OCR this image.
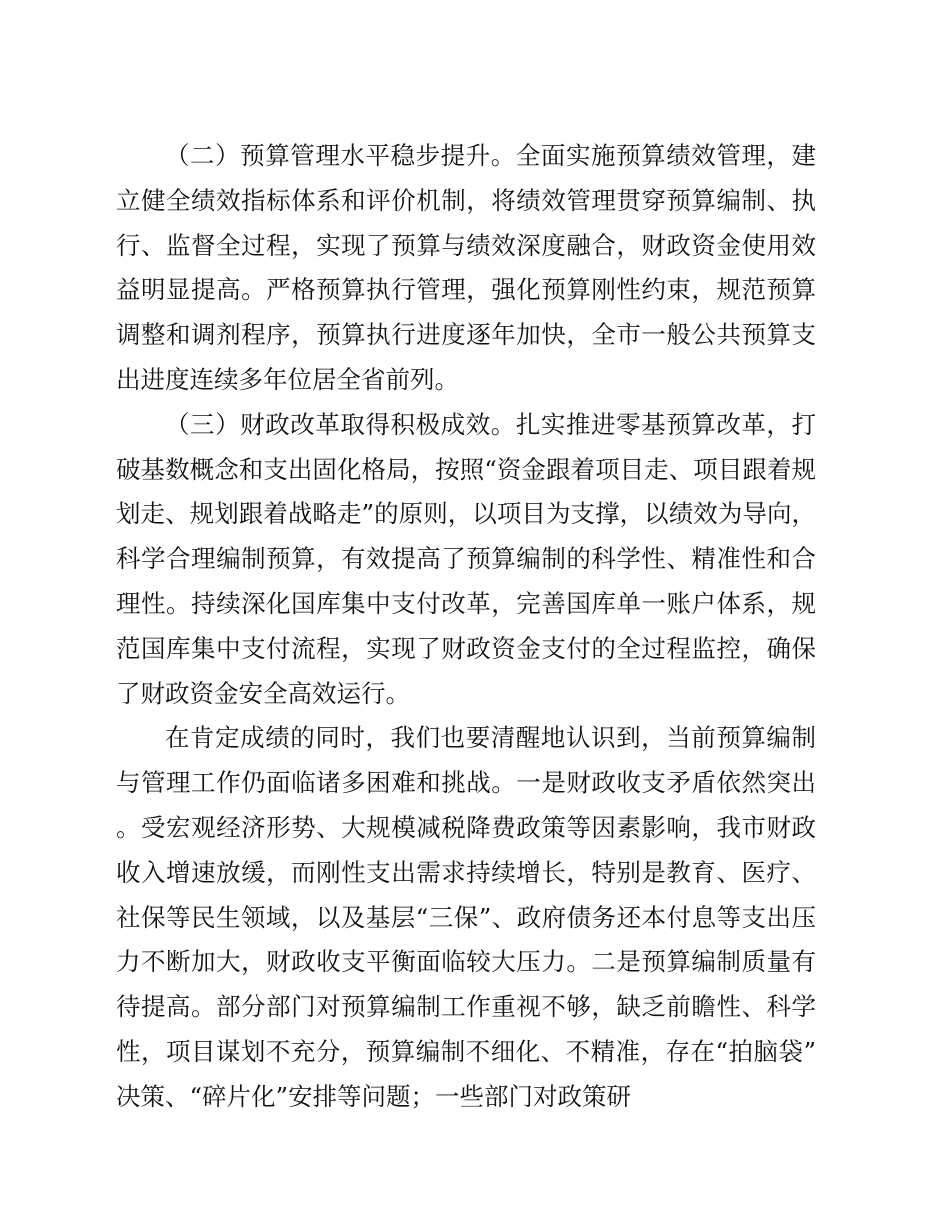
（二）预算管理水平稳步提升。全面实施预算绩效管理，建立健全绩效指标体系和评价机制，将绩效管理贯穿预算编制、执行、监督全过程，实现了预算与绩效深度融合，财政资金使用效益明显提高。严格预算执行管理，强化预算刚性约束，规范预算调整和调剂程序，预算执行进度逐年加快，全市一般公共预算支出进度连续多年位居全省前列。

（三）财政改革取得积极成效。扎实推进零基预算改革，打破基数概念和支出固化格局，按照“资金跟着项目走、项目跟着规划走、规划跟着战略走”的原则，以项目为支撑，以绩效为导向，科学合理编制预算，有效提高了预算编制的科学性、精准性和合理性。持续深化国库集中支付改革，完善国库单一账户体系，规范国库集中支付流程，实现了财政资金支付的全过程监控，确保了财政资金安全高效运行。

在肯定成绩的同时，我们也要清醒地认识到，当前预算编制与管理工作仍面临诸多困难和挑战。一是财政收支矛盾依然突出。受宏观经济形势、大规模减税降费政策等因素影响，我市财政收入增速放缓，而刚性支出需求持续增长，特别是教育、医疗、社保等民生领域，以及基层“三保”、政府债务还本付息等支出压力不断加大，财政收支平衡面临较大压力。二是预算编制质量有待提高。部分部门对预算编制工作重视不够，缺乏前瞻性、科学性，项目谋划不充分，预算编制不细化、不精准，存在“拍脑袋”决策、“碎片化”安排等问题；一些部门对政策研
